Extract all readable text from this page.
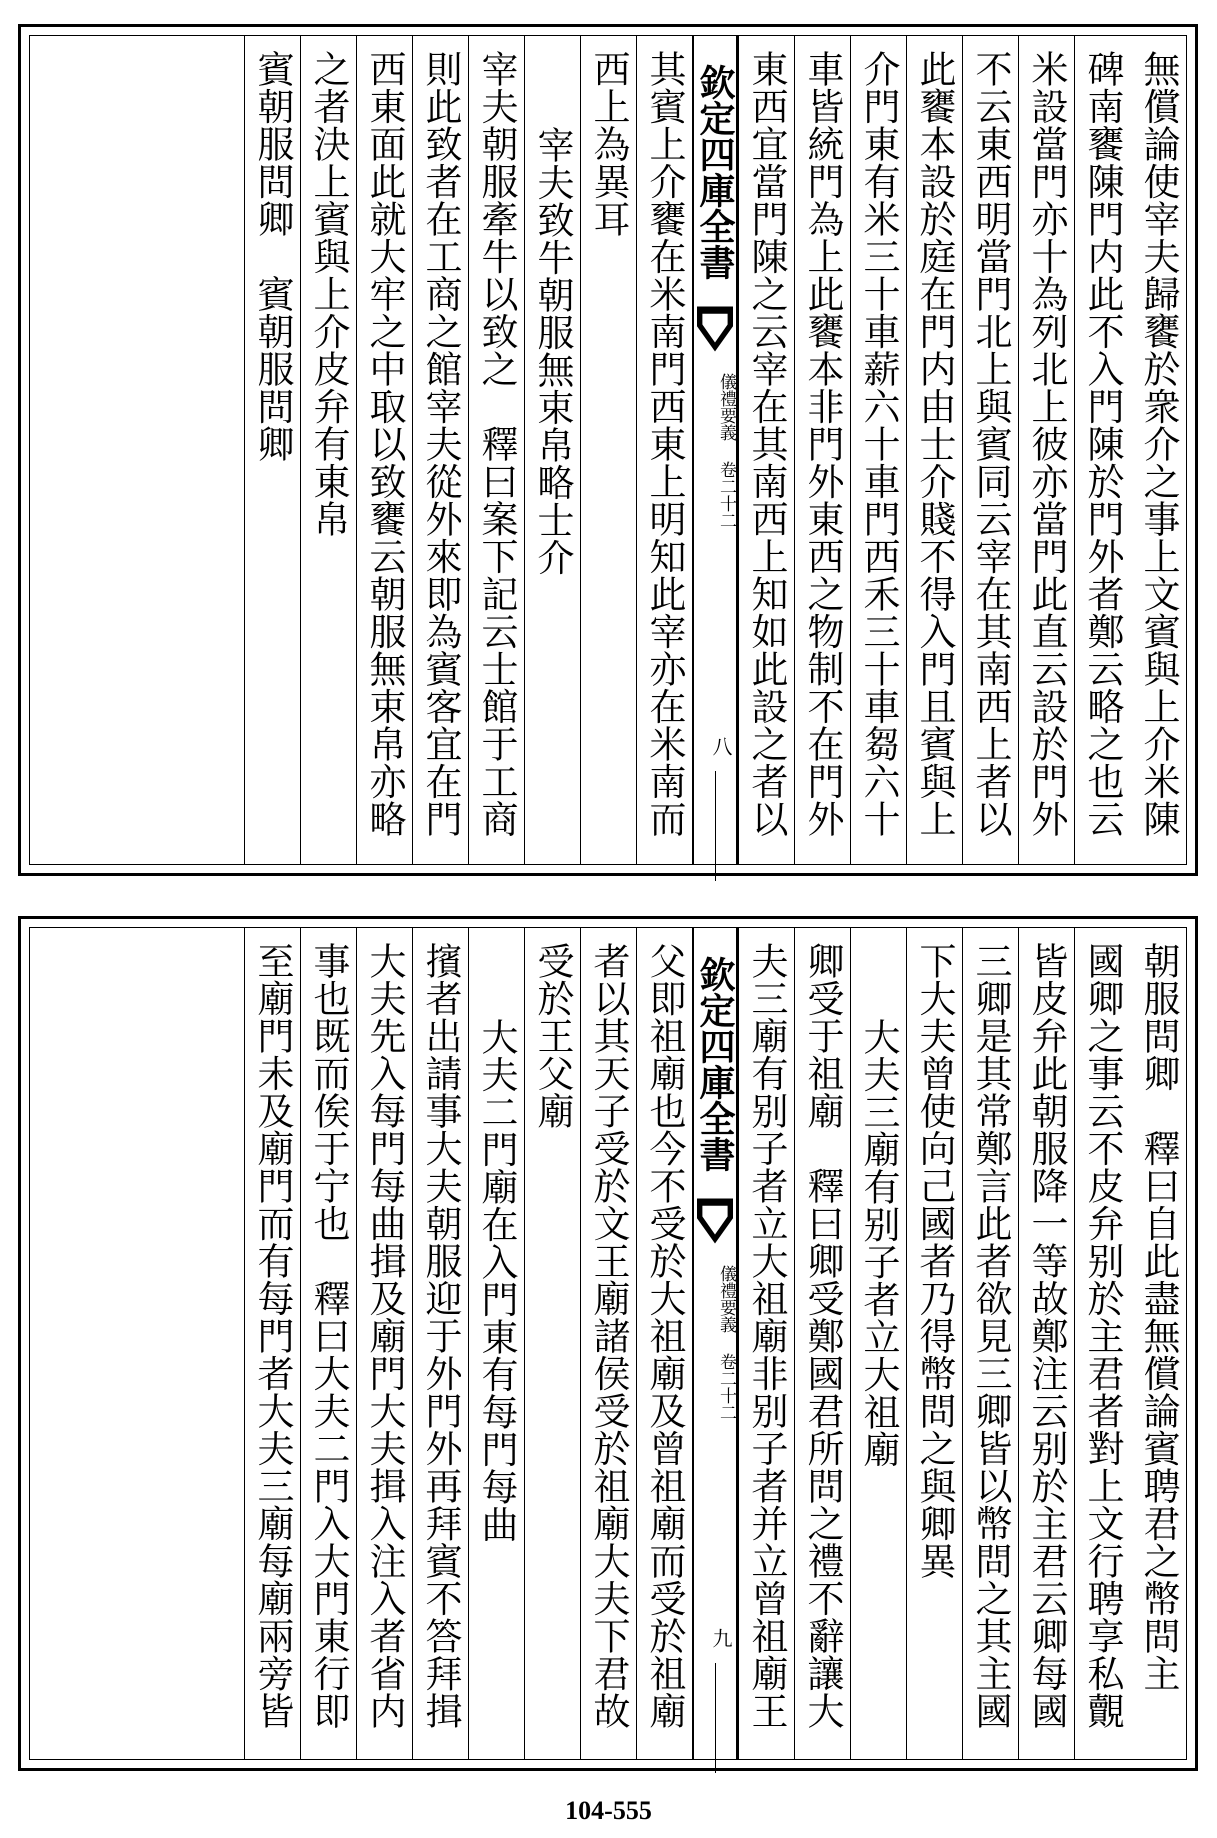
無償論使宰夫歸饔於衆介之事上文賓與上介米陳
碑南饔陳門内此不入門陳於門外者鄭云略之也云
米設當門亦十為列北上彼亦當門此直云設於門外
不云東西明當門北上與賓同云宰在其南西上者以
此饔本設於庭在門内由士介賤不得入門且賓與上
介門東有米三十車薪六十車門西禾三十車芻六十
車皆統門為上此饔本非門外東西之物制不在門外
東西宜當門陳之云宰在其南西上知如此設之者以
欽定四庫全書
儀禮要義 卷二十二
八
其賓上介饔在米南門西東上明知此宰亦在米南而
西上為異耳
宰夫致牛朝服無束帛略士介
宰夫朝服牽牛以致之　釋曰案下記云士館于工商
則此致者在工商之館宰夫從外來即為賓客宜在門
西東面此就大牢之中取以致饔云朝服無束帛亦略
之者決上賓與上介皮弁有東帛
賓朝服問卿　賓朝服問卿
朝服問卿　釋曰自此盡無償論賓聘君之幣問主
國卿之事云不皮弁别於主君者對上文行聘享私覿
皆皮弁此朝服降一等故鄭注云别於主君云卿每國
三卿是其常鄭言此者欲見三卿皆以幣問之其主國
下大夫曾使向己國者乃得幣問之與卿異
大夫三廟有别子者立大祖廟
卿受于祖廟　釋曰卿受鄭國君所問之禮不辭讓大
夫三廟有别子者立大祖廟非别子者并立曾祖廟王
欽定四庫全書
儀禮要義 卷二十二
九
父即祖廟也今不受於大祖廟及曾祖廟而受於祖廟
者以其天子受於文王廟諸侯受於祖廟大夫下君故
受於王父廟
大夫二門廟在入門東有每門每曲
擯者出請事大夫朝服迎于外門外再拜賓不答拜揖
大夫先入每門每曲揖及廟門大夫揖入注入者省内
事也既而俟于宁也　釋曰大夫二門入大門東行即
至廟門未及廟門而有每門者大夫三廟每廟兩旁皆
104-555
